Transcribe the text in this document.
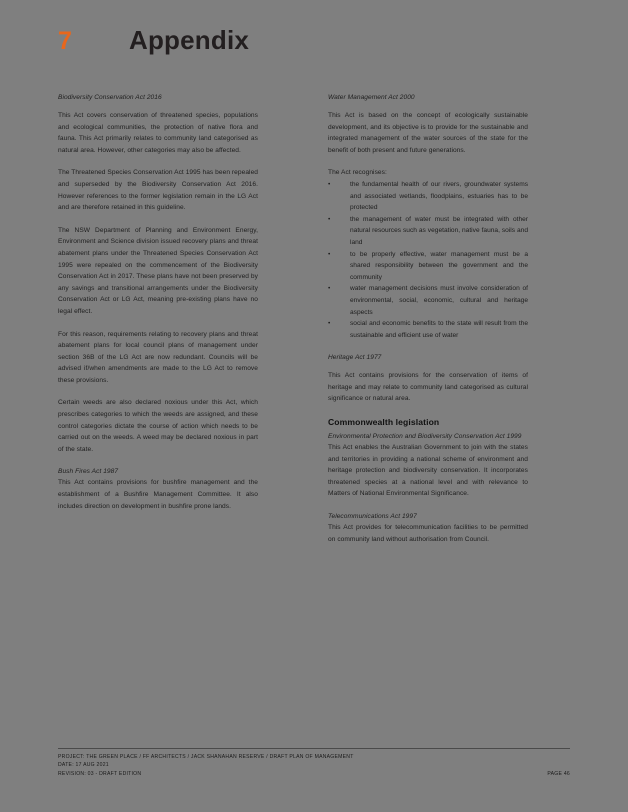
7	Appendix
Biodiversity Conservation Act 2016

This Act covers conservation of threatened species, populations and ecological communities, the protection of native flora and fauna. This Act primarily relates to community land categorised as natural area. However, other categories may also be affected.

The Threatened Species Conservation Act 1995 has been repealed and superseded by the Biodiversity Conservation Act 2016. However references to the former legislation remain in the LG Act and are therefore retained in this guideline.

The NSW Department of Planning and Environment Energy, Environment and Science division issued recovery plans and threat abatement plans under the Threatened Species Conservation Act 1995 were repealed on the commencement of the Biodiversity Conservation Act in 2017. These plans have not been preserved by any savings and transitional arrangements under the Biodiversity Conservation Act or LG Act, meaning pre-existing plans have no legal effect.

For this reason, requirements relating to recovery plans and threat abatement plans for local council plans of management under section 36B of the LG Act are now redundant. Councils will be advised if/when amendments are made to the LG Act to remove these provisions.

Certain weeds are also declared noxious under this Act, which prescribes categories to which the weeds are assigned, and these control categories dictate the course of action which needs to be carried out on the weeds. A weed may be declared noxious in part of the state.

Bush Fires Act 1987

This Act contains provisions for bushfire management and the establishment of a Bushfire Management Committee. It also includes direction on development in bushfire prone lands.

Water Management Act 2000

This Act is based on the concept of ecologically sustainable development, and its objective is to provide for the sustainable and integrated management of the water sources of the state for the benefit of both present and future generations.

The Act recognises:

•	the fundamental health of our rivers, groundwater systems and associated wetlands, floodplains, estuaries has to be protected
•	the management of water must be integrated with other natural resources such as vegetation, native fauna, soils and land
•	to be properly effective, water management must be a shared responsibility between the government and the community
•	water management decisions must involve consideration of environmental, social, economic, cultural and heritage aspects
•	social and economic benefits to the state will result from the sustainable and efficient use of water
Heritage Act 1977

This Act contains provisions for the conservation of items of heritage and may relate to community land categorised as cultural significance or natural area.

Commonwealth legislation
Environmental Protection and Biodiversity Conservation Act 1999

This Act enables the Australian Government to join with the states and territories in providing a national scheme of environment and heritage protection and biodiversity conservation. It incorporates threatened species at a national level and with relevance to Matters of National Environmental Significance.

Telecommunications Act 1997

This Act provides for telecommunication facilities to be permitted on community land without authorisation from Council.

PROJECT: THE GREEN PLACE / FF ARCHITECTS / JACK SHANAHAN RESERVE / DRAFT PLAN OF MANAGEMENT
DATE: 17 AUG 2021
REVISION: 03 - DRAFT EDITION	PAGE 46
